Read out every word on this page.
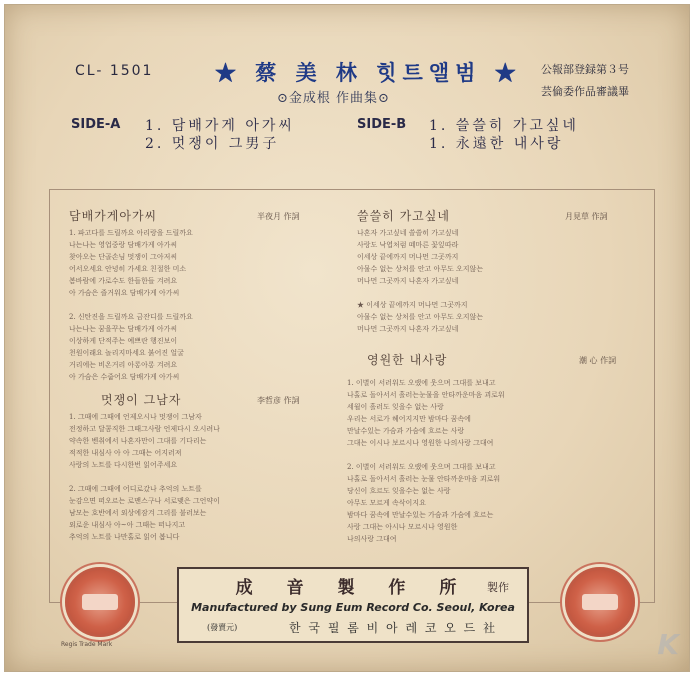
CL- 1501	★ 蔡 美 林 힛트앨범 ★
⊙金成根 作曲集⊙
公報部登録第３号
芸倫委作品審議畢
SIDE-A 1. 담배가게 아가씨
2. 멋쟁이 그男子
SIDE-B 1. 쓸쓸히 가고싶네
1. 永遠한 내사랑
담배가게아가씨	半夜月 作詞
1. 파고다를 드릴까요 아리랑을 드릴까요
나는나는 영업중랑 담배가게 아가씨
찾아오는 단골손님 멋쟁이 그아저씨
어서오세요 안녕히 가세요 친절한 미소
봄바람에 가로수도 한들한들 겨려요
아 가슴은 즐거워요 담배가게 아가씨

2. 신탄진을 드릴까요 금잔디를 드릴까요
나는나는 꿈을꾸는 담배가게 아가씨
이상하게 단적주는 예쁘란 행진보이
천원이래요 놀리지마세요 붉어진 얼굴
거리에는 비온거리 아롱아롱 겨려요
아 가슴은 수줍어요 담배가게 아가씨
멋쟁이 그남자	李哲彦 作詞
1. 그때에 그때에 언제오시나 멋쟁이 그남자
전정하고 달콤직한 그때그사람 언제다시 오시려나
약속한 벤취에서 나혼자만이 그대를 기다리는
적적한 내심사 아 아 그때는 어지러져
사랑의 노트를 다시한번 읽어주세요

2. 그때에 그때에 어디로갔나 추억의 노트를
눈감으면 떠오르는 로맨스구나 서로맺은 그언약이
남모는 호반에서 외상에잠겨 그리를 불러보는
외로운 내심사 아~아 그때는 떠나지고
추억의 노트를 나만홀로 읽어 봅니다
쓸쓸히 가고싶네	月見草 作詞
나혼자 가고싶네 쓸쓸히 가고싶네
사랑도 낙엽처럼 떼마른 꽃잎따라
이세상 끝에까지 머나먼 그곳까지
아물수 없는 상처를 안고 아무도 오지않는
머나먼 그곳까지 나혼자 가고싶네

★ 이세상 끝에까지 머나먼 그곳까지
아물수 없는 상처를 안고 아무도 오지않는
머나먼 그곳까지 나혼자 가고싶네
영원한 내사랑	潮 心 作詞
1. 이별이 서러워도 오랬에 웃으며 그대를 보내고
나홀로 돌아서서 흘러는눈물을 안타까운마음 괴로워
세월이 흘러도 잊을수 없는 사랑
우리는 서로가 헤어지지만 밤마다 꿈속에
만날수있는 가슴과 가슴에 흐르는 사랑
그대는 이시나 보르시나 영원한 나의사랑 그대여

2. 이별이 서러워도 오랬에 웃으며 그대를 보내고
나홀로 돌아서서 흘러는 눈물 안타까운마음 괴로워
당신이 흐르도 잊을수는 없는 사랑
아무도 모르게 속삭이지요
밤마다 꿈속에 만날수있는 가슴과 가슴에 흐르는
사랑 그대는 아시나 모르시나 영원한
나의사랑 그대여
成 音 製 作 所	製作
Manufactured by Sung Eum Record Co. Seoul, Korea
(發賣元)	한 국 필 롬 비 아 레 코 오 드 社
Regis Trade Mark	K
